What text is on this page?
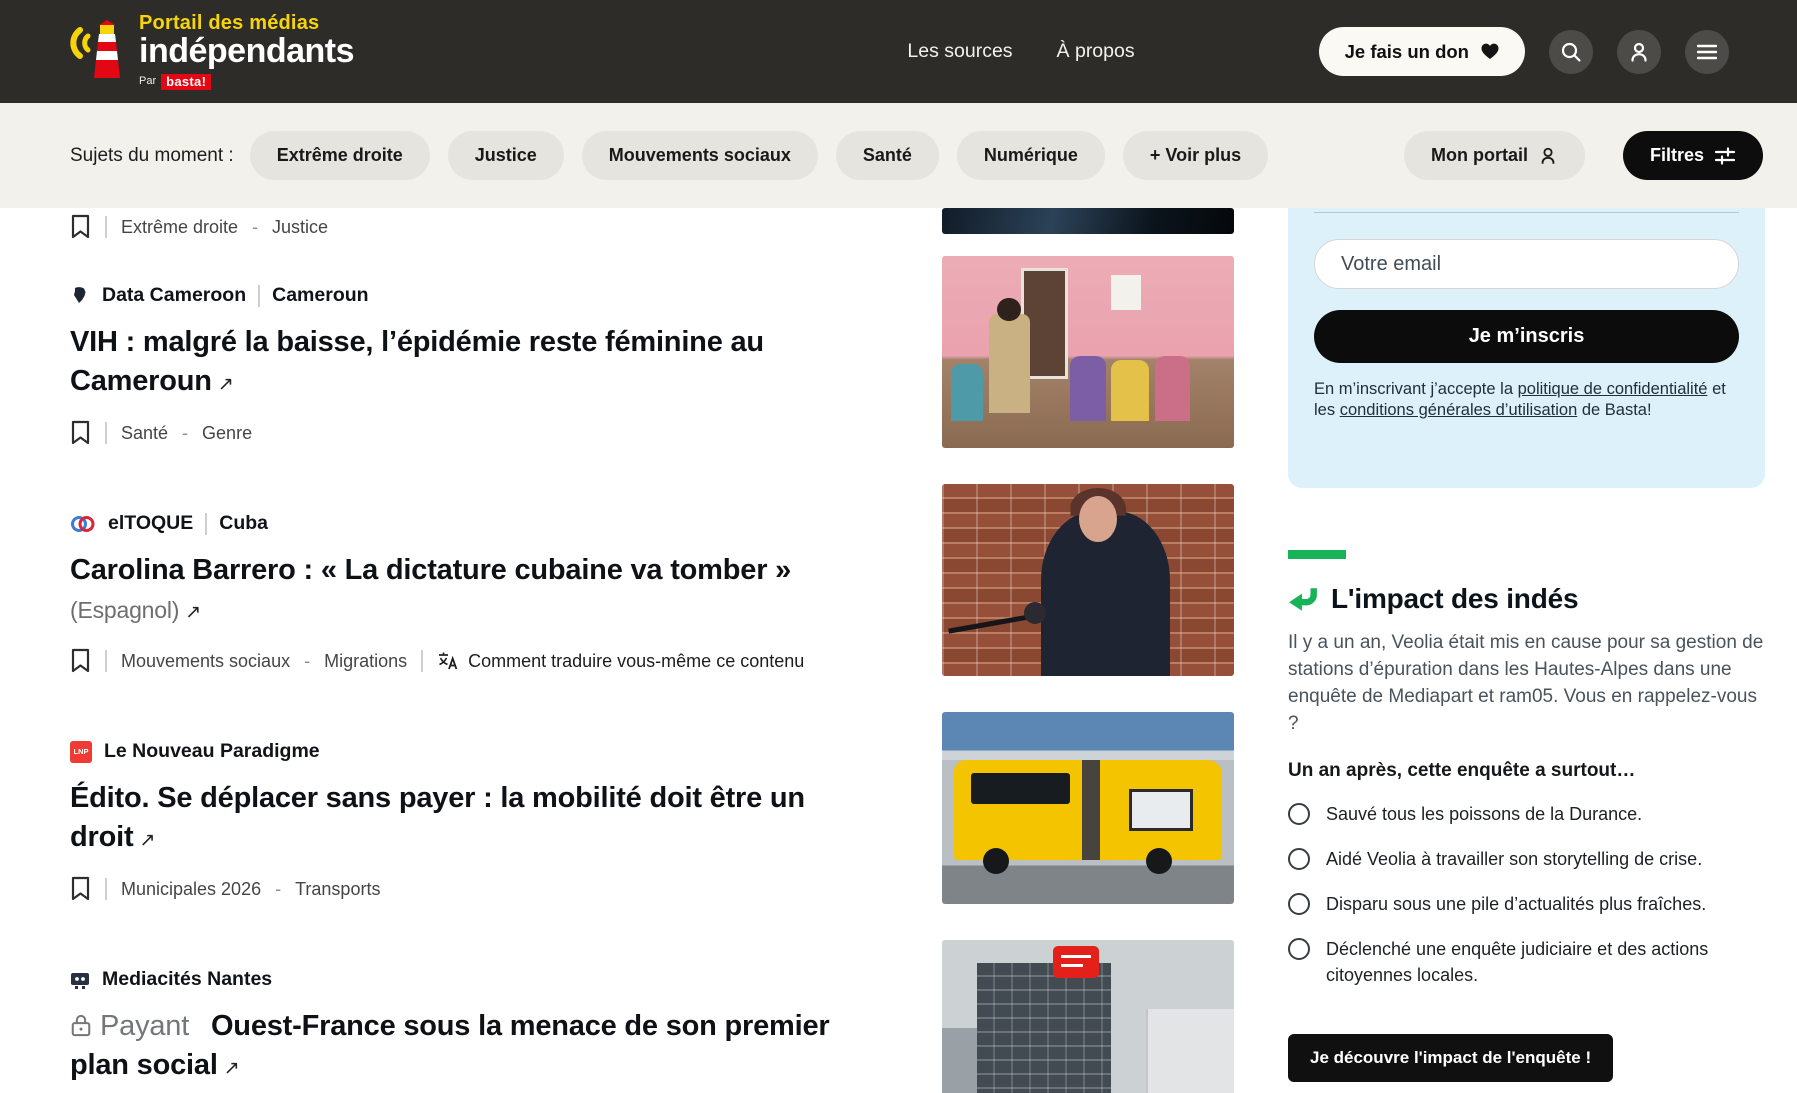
Portail des médias
indépendants
Par basta!
Les sources À propos	Je fais un don
Sujets du moment :	Extrême droite	Justice	Mouvements sociaux	Santé	Numérique	+ Voir plus	Mon portail	Filtres
Extrême droite - Justice
Data Cameroon Cameroun
VIH : malgré la baisse, l’épidémie reste féminine au Cameroun ↗
Santé - Genre
elTOQUE Cuba
Carolina Barrero : « La dictature cubaine va tomber » (Espagnol) ↗
Mouvements sociaux - Migrations	Comment traduire vous-même ce contenu
LNP Le Nouveau Paradigme
Édito. Se déplacer sans payer : la mobilité doit être un droit ↗
Municipales 2026 - Transports
Mediacités Nantes
Payant Ouest-France sous la menace de son premier plan social ↗
Votre email Je m’inscris

En m’inscrivant j’accepte la politique de confidentialité et les conditions générales d’utilisation de Basta!

L'impact des indés

Il y a un an, Veolia était mis en cause pour sa gestion de stations d’épuration dans les Hautes-Alpes dans une enquête de Mediapart et ram05. Vous en rappelez-vous ?

Un an après, cette enquête a surtout…

Sauvé tous les poissons de la Durance.
Aidé Veolia à travailler son storytelling de crise.
Disparu sous une pile d’actualités plus fraîches.
Déclenché une enquête judiciaire et des actions citoyennes locales.
Je découvre l'impact de l'enquête !
